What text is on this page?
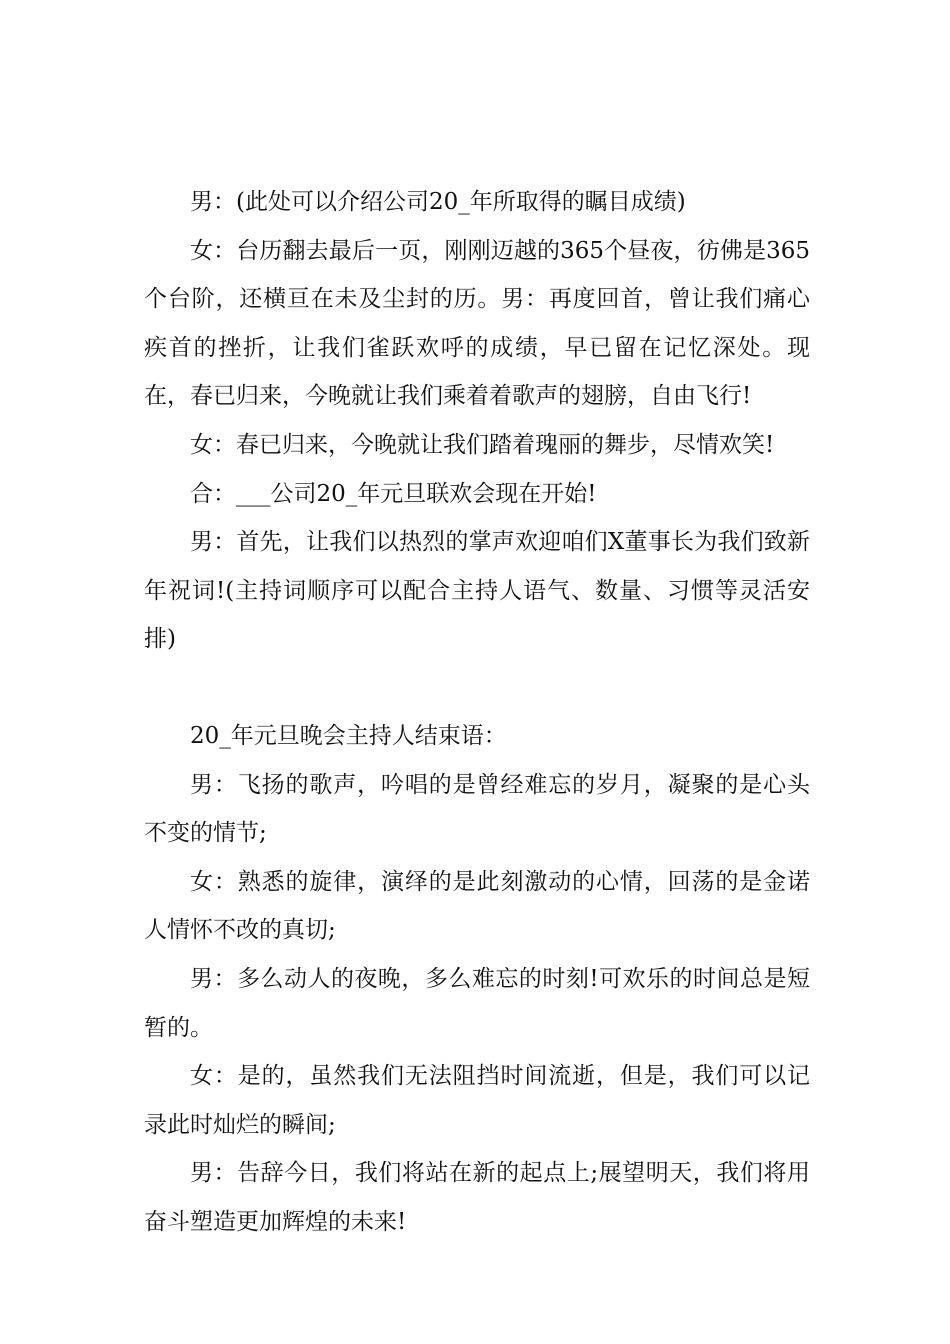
男：(此处可以介绍公司20_年所取得的瞩目成绩)

女：台历翻去最后一页，刚刚迈越的365个昼夜，彷佛是365个台阶，还横亘在未及尘封的历。男：再度回首，曾让我们痛心疾首的挫折，让我们雀跃欢呼的成绩，早已留在记忆深处。现在，春已归来，今晚就让我们乘着着歌声的翅膀，自由飞行!

女：春已归来，今晚就让我们踏着瑰丽的舞步，尽情欢笑!

合：___公司20_年元旦联欢会现在开始!

男：首先，让我们以热烈的掌声欢迎咱们X董事长为我们致新年祝词!(主持词顺序可以配合主持人语气、数量、习惯等灵活安排)

20_年元旦晚会主持人结束语：

男：飞扬的歌声，吟唱的是曾经难忘的岁月，凝聚的是心头不变的情节;

女：熟悉的旋律，演绎的是此刻激动的心情，回荡的是金诺人情怀不改的真切;

男：多么动人的夜晚，多么难忘的时刻!可欢乐的时间总是短暂的。

女：是的，虽然我们无法阻挡时间流逝，但是，我们可以记录此时灿烂的瞬间;

男：告辞今日，我们将站在新的起点上;展望明天，我们将用奋斗塑造更加辉煌的未来!
